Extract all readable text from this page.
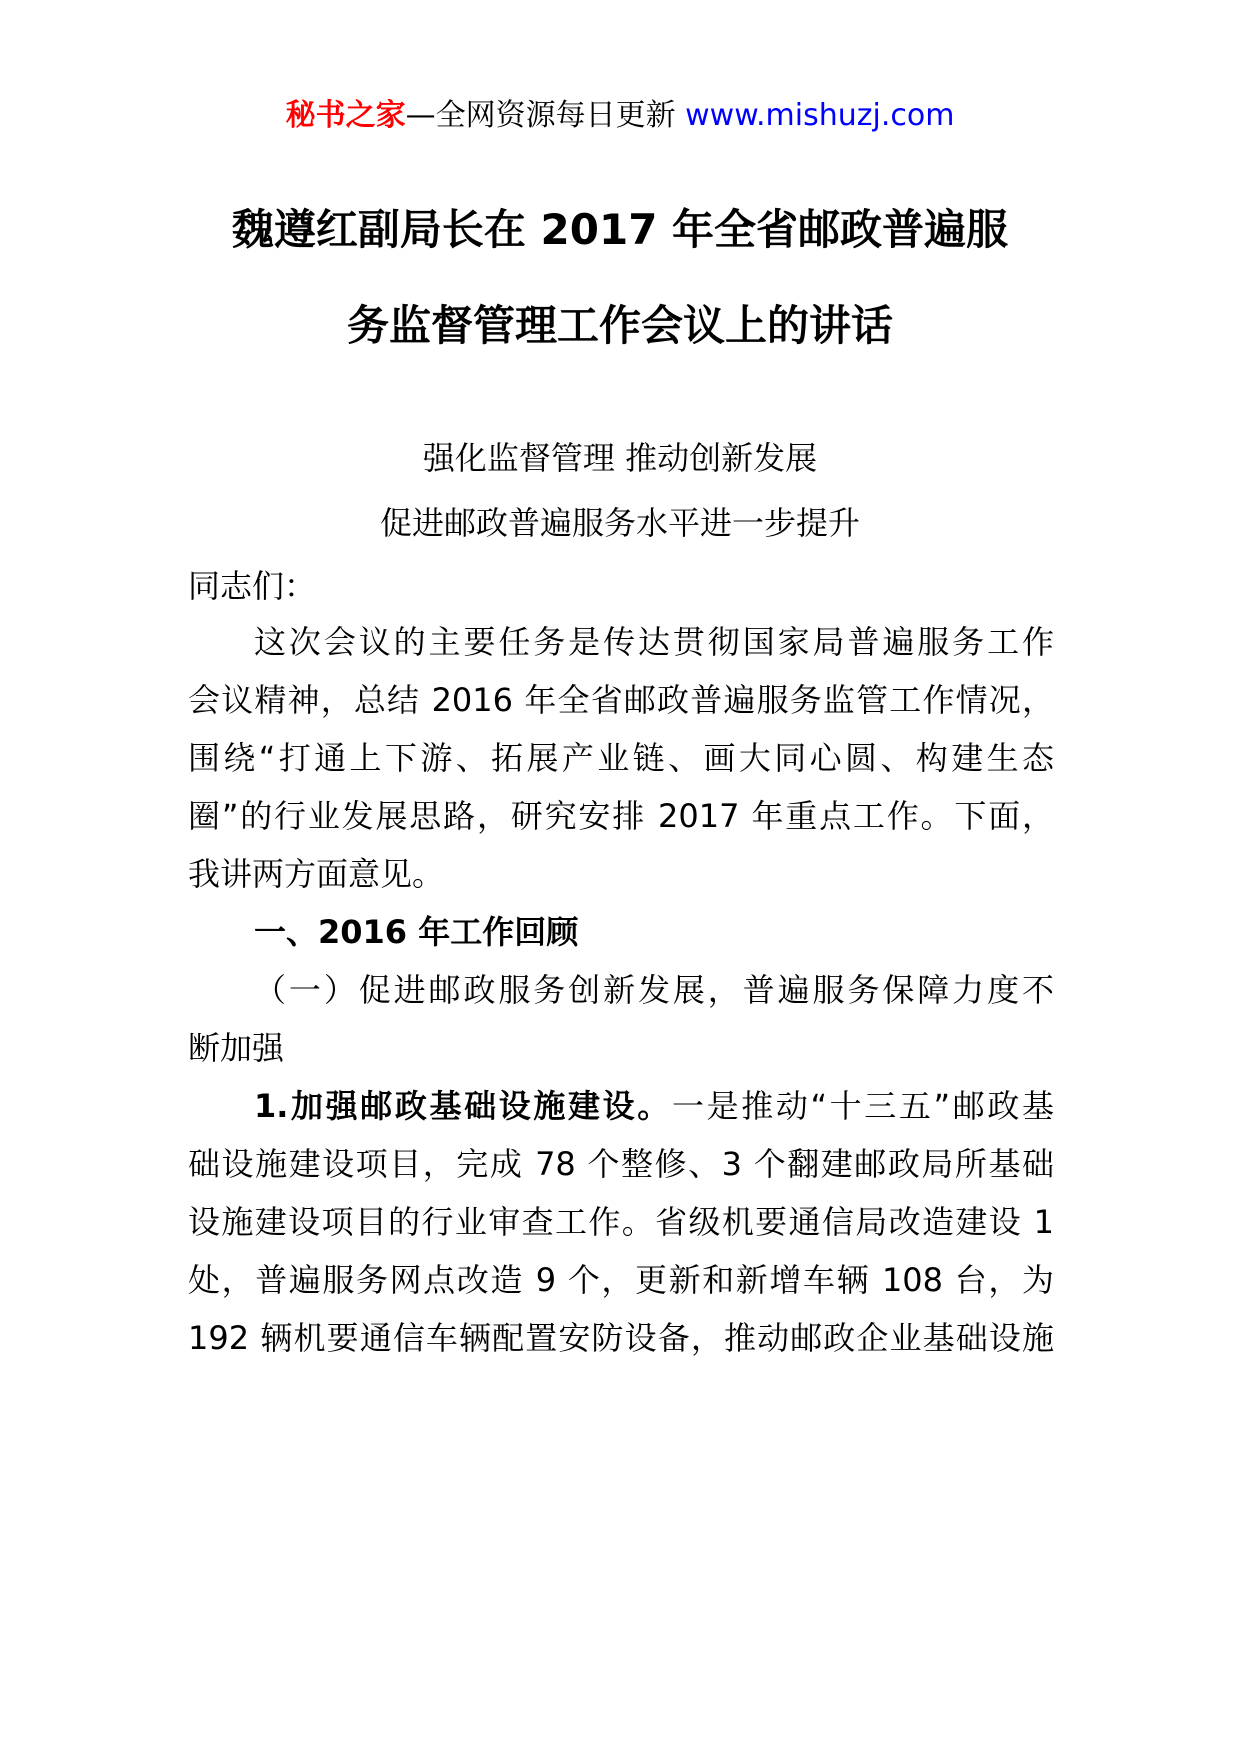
秘书之家—全网资源每日更新 www.mishuzj.com
魏遵红副局长在 2017 年全省邮政普遍服
务监督管理工作会议上的讲话
强化监督管理 推动创新发展
促进邮政普遍服务水平进一步提升
同志们：
这次会议的主要任务是传达贯彻国家局普遍服务工作
会议精神，总结 2016 年全省邮政普遍服务监管工作情况，
围绕“打通上下游、拓展产业链、画大同心圆、构建生态
圈”的行业发展思路，研究安排 2017 年重点工作。下面，
我讲两方面意见。
一、2016 年工作回顾
（一）促进邮政服务创新发展，普遍服务保障力度不
断加强
1.加强邮政基础设施建设。一是推动“十三五”邮政基
础设施建设项目，完成 78 个整修、3 个翻建邮政局所基础
设施建设项目的行业审查工作。省级机要通信局改造建设 1
处，普遍服务网点改造 9 个，更新和新增车辆 108 台，为
192 辆机要通信车辆配置安防设备，推动邮政企业基础设施
